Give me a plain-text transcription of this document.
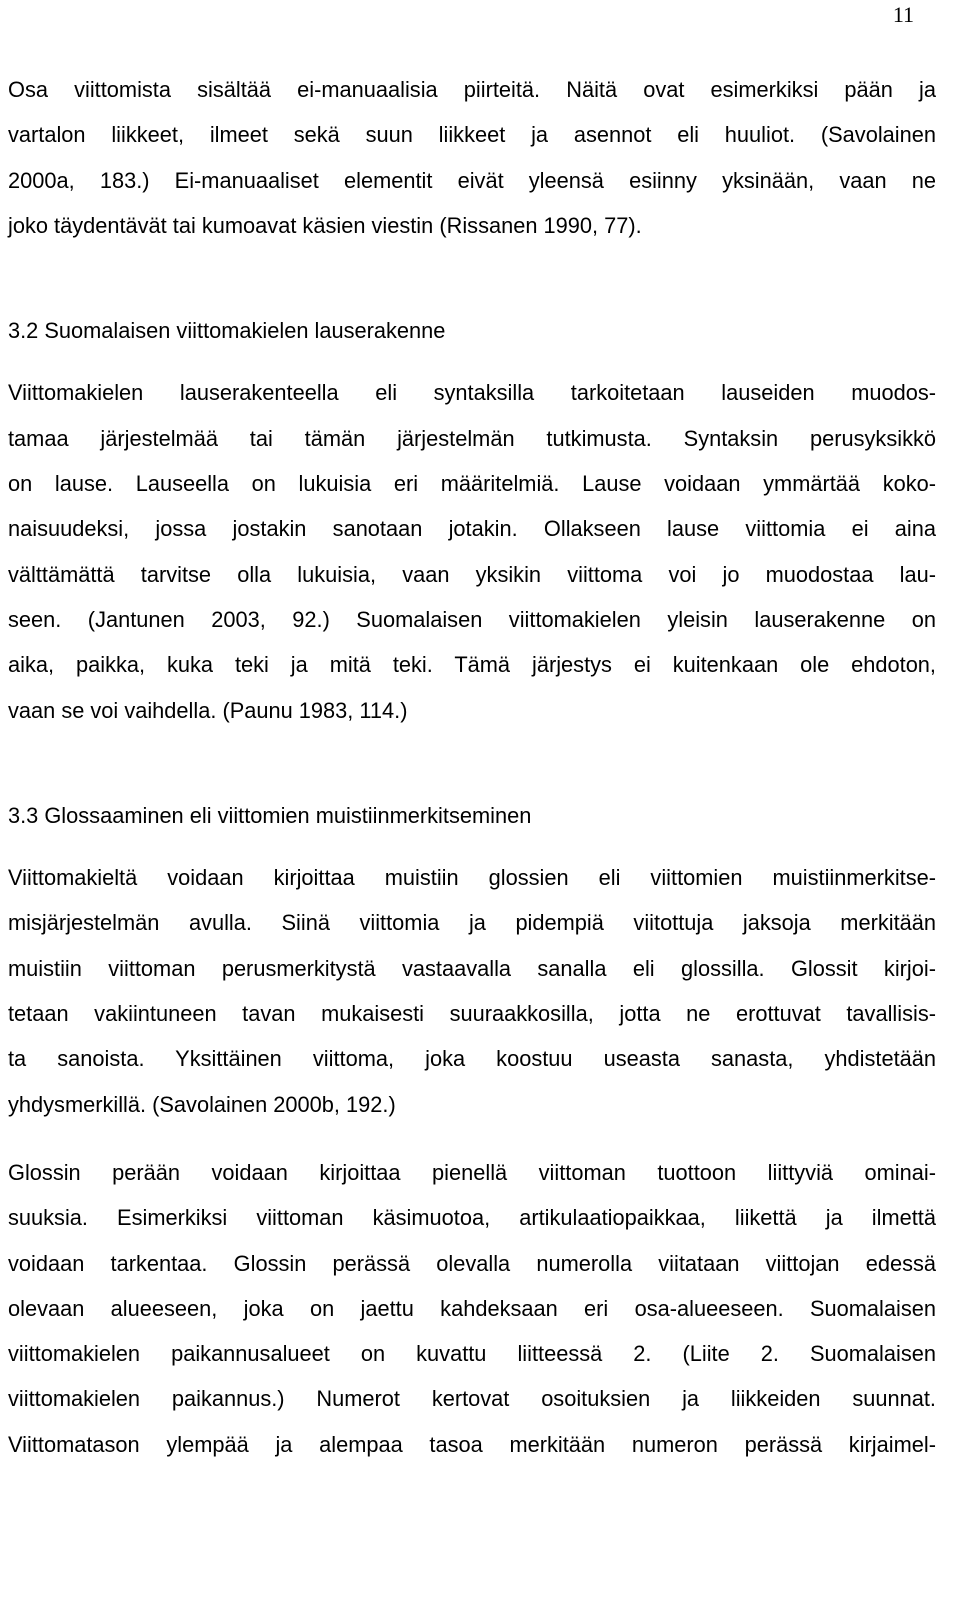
11
Osa viittomista sisältää ei-manuaalisia piirteitä. Näitä ovat esimerkiksi pään ja
vartalon liikkeet, ilmeet sekä suun liikkeet ja asennot eli huuliot. (Savolainen
2000a, 183.) Ei-manuaaliset elementit eivät yleensä esiinny yksinään, vaan ne
joko täydentävät tai kumoavat käsien viestin (Rissanen 1990, 77).
3.2 Suomalaisen viittomakielen lauserakenne
Viittomakielen lauserakenteella eli syntaksilla tarkoitetaan lauseiden muodos-
tamaa järjestelmää tai tämän järjestelmän tutkimusta. Syntaksin perusyksikkö
on lause. Lauseella on lukuisia eri määritelmiä. Lause voidaan ymmärtää koko-
naisuudeksi, jossa jostakin sanotaan jotakin. Ollakseen lause viittomia ei aina
välttämättä tarvitse olla lukuisia, vaan yksikin viittoma voi jo muodostaa lau-
seen. (Jantunen 2003, 92.) Suomalaisen viittomakielen yleisin lauserakenne on
aika, paikka, kuka teki ja mitä teki. Tämä järjestys ei kuitenkaan ole ehdoton,
vaan se voi vaihdella. (Paunu 1983, 114.)
3.3 Glossaaminen eli viittomien muistiinmerkitseminen
Viittomakieltä voidaan kirjoittaa muistiin glossien eli viittomien muistiinmerkitse-
misjärjestelmän avulla. Siinä viittomia ja pidempiä viitottuja jaksoja merkitään
muistiin viittoman perusmerkitystä vastaavalla sanalla eli glossilla. Glossit kirjoi-
tetaan vakiintuneen tavan mukaisesti suuraakkosilla, jotta ne erottuvat tavallisis-
ta sanoista. Yksittäinen viittoma, joka koostuu useasta sanasta, yhdistetään
yhdysmerkillä. (Savolainen 2000b, 192.)
Glossin perään voidaan kirjoittaa pienellä viittoman tuottoon liittyviä ominai-
suuksia. Esimerkiksi viittoman käsimuotoa, artikulaatiopaikkaa, liikettä ja ilmettä
voidaan tarkentaa. Glossin perässä olevalla numerolla viitataan viittojan edessä
olevaan alueeseen, joka on jaettu kahdeksaan eri osa-alueeseen. Suomalaisen
viittomakielen paikannusalueet on kuvattu liitteessä 2. (Liite 2. Suomalaisen
viittomakielen paikannus.) Numerot kertovat osoituksien ja liikkeiden suunnat.
Viittomatason ylempää ja alempaa tasoa merkitään numeron perässä kirjaimel-
